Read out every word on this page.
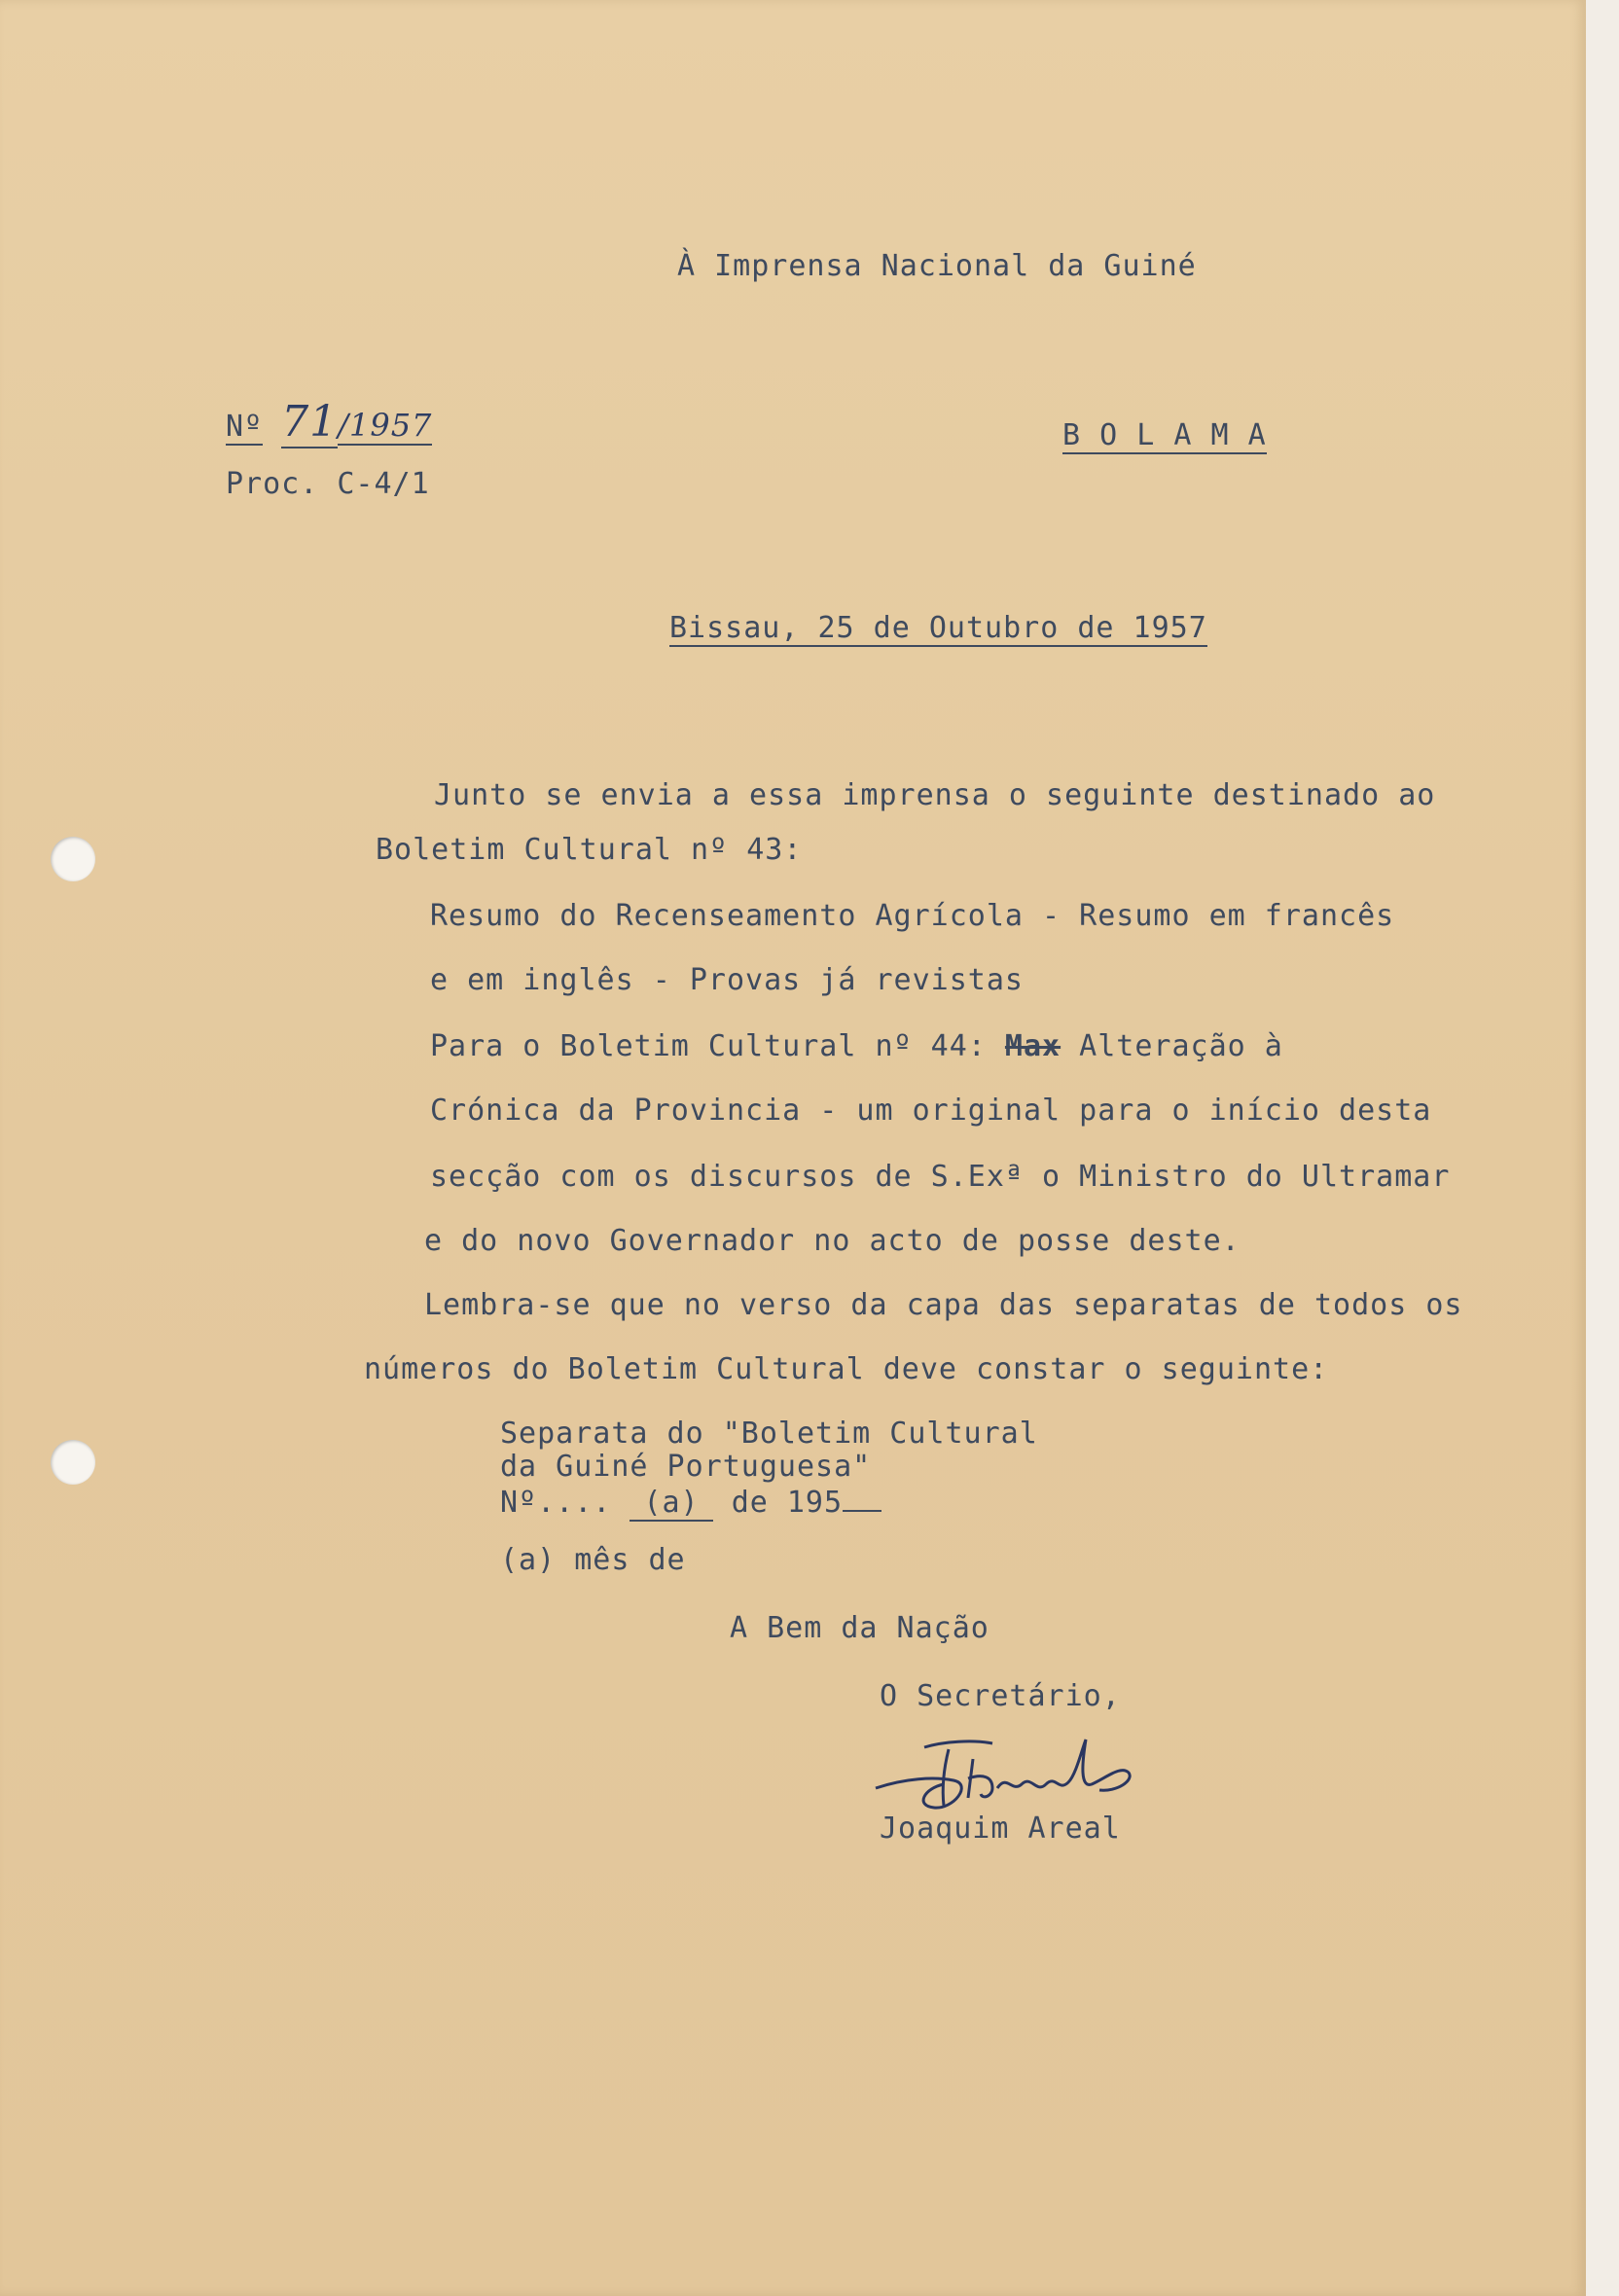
À Imprensa Nacional da Guiné
Nº 71/1957
Proc. C-4/1
B O L A M A
Bissau, 25 de Outubro de 1957
Junto se envia a essa imprensa o seguinte destinado ao
Boletim Cultural nº 43:
Resumo do Recenseamento Agrícola - Resumo em francês
e em inglês - Provas já revistas
Para o Boletim Cultural nº 44: Max Alteração à
Crónica da Provincia - um original para o início desta
secção com os discursos de S.Exª o Ministro do Ultramar
e do novo Governador no acto de posse deste.
Lembra-se que no verso da capa das separatas de todos os
números do Boletim Cultural deve constar o seguinte:
Separata do "Boletim Cultural
da Guiné Portuguesa"
Nº.... (a) de 195
(a) mês de
A Bem da Nação
O Secretário,
Joaquim Areal
